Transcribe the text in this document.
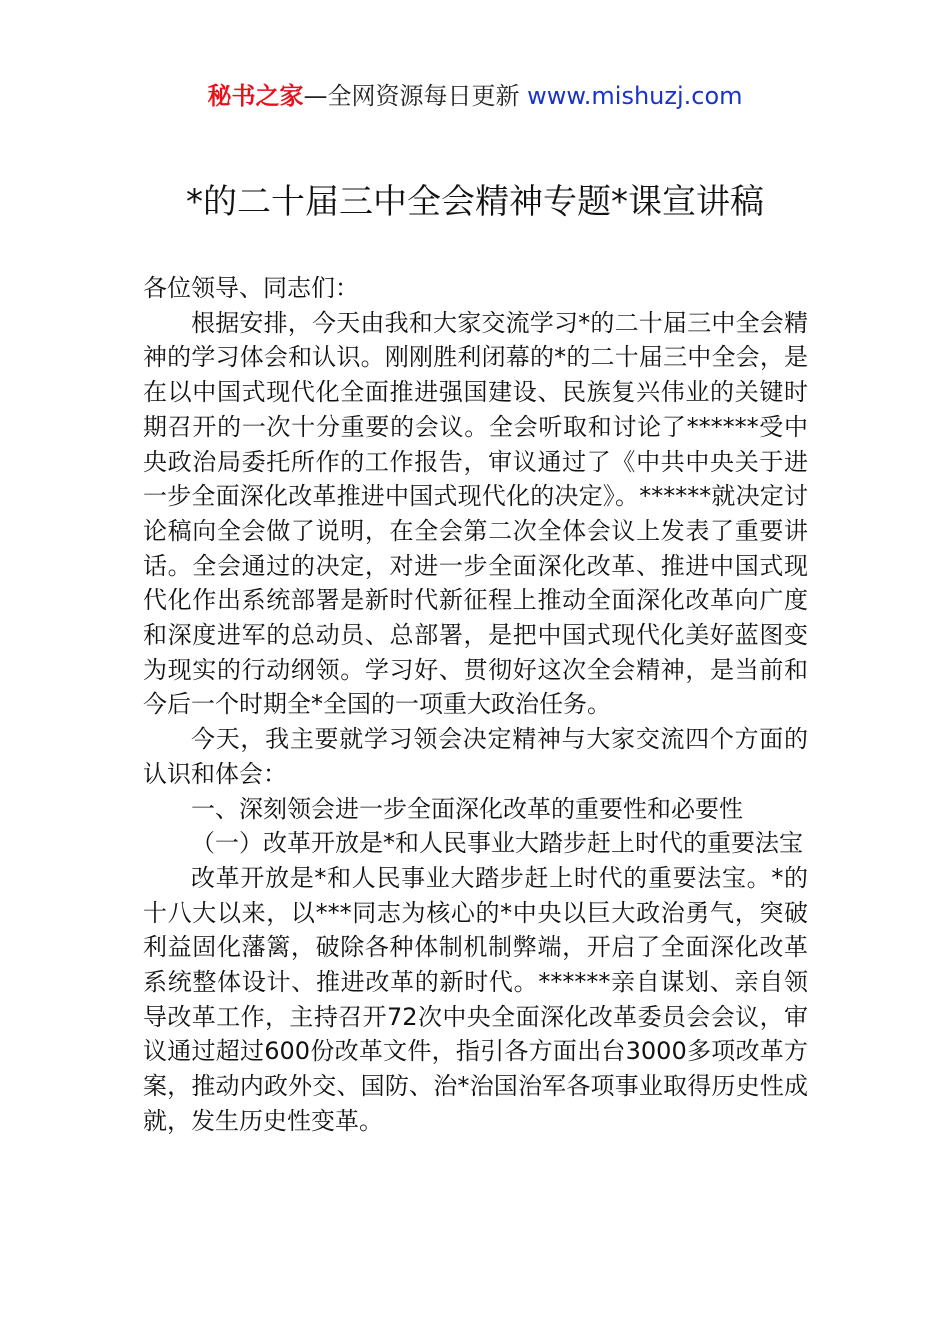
秘书之家—全网资源每日更新 www.mishuzj.com
*的二十届三中全会精神专题*课宣讲稿

各位领导、同志们：

根据安排，今天由我和大家交流学习*的二十届三中全会精神的学习体会和认识。刚刚胜利闭幕的*的二十届三中全会，是在以中国式现代化全面推进强国建设、民族复兴伟业的关键时期召开的一次十分重要的会议。全会听取和讨论了******受中央政治局委托所作的工作报告，审议通过了《中共中央关于进一步全面深化改革推进中国式现代化的决定》。******就决定讨论稿向全会做了说明，在全会第二次全体会议上发表了重要讲话。全会通过的决定，对进一步全面深化改革、推进中国式现代化作出系统部署是新时代新征程上推动全面深化改革向广度和深度进军的总动员、总部署，是把中国式现代化美好蓝图变为现实的行动纲领。学习好、贯彻好这次全会精神，是当前和今后一个时期全*全国的一项重大政治任务。

今天，我主要就学习领会决定精神与大家交流四个方面的认识和体会：

一、深刻领会进一步全面深化改革的重要性和必要性

（一）改革开放是*和人民事业大踏步赶上时代的重要法宝

改革开放是*和人民事业大踏步赶上时代的重要法宝。*的十八大以来，以***同志为核心的*中央以巨大政治勇气，突破利益固化藩篱，破除各种体制机制弊端，开启了全面深化改革系统整体设计、推进改革的新时代。******亲自谋划、亲自领导改革工作，主持召开72次中央全面深化改革委员会会议，审议通过超过600份改革文件，指引各方面出台3000多项改革方案，推动内政外交、国防、治*治国治军各项事业取得历史性成就，发生历史性变革。
